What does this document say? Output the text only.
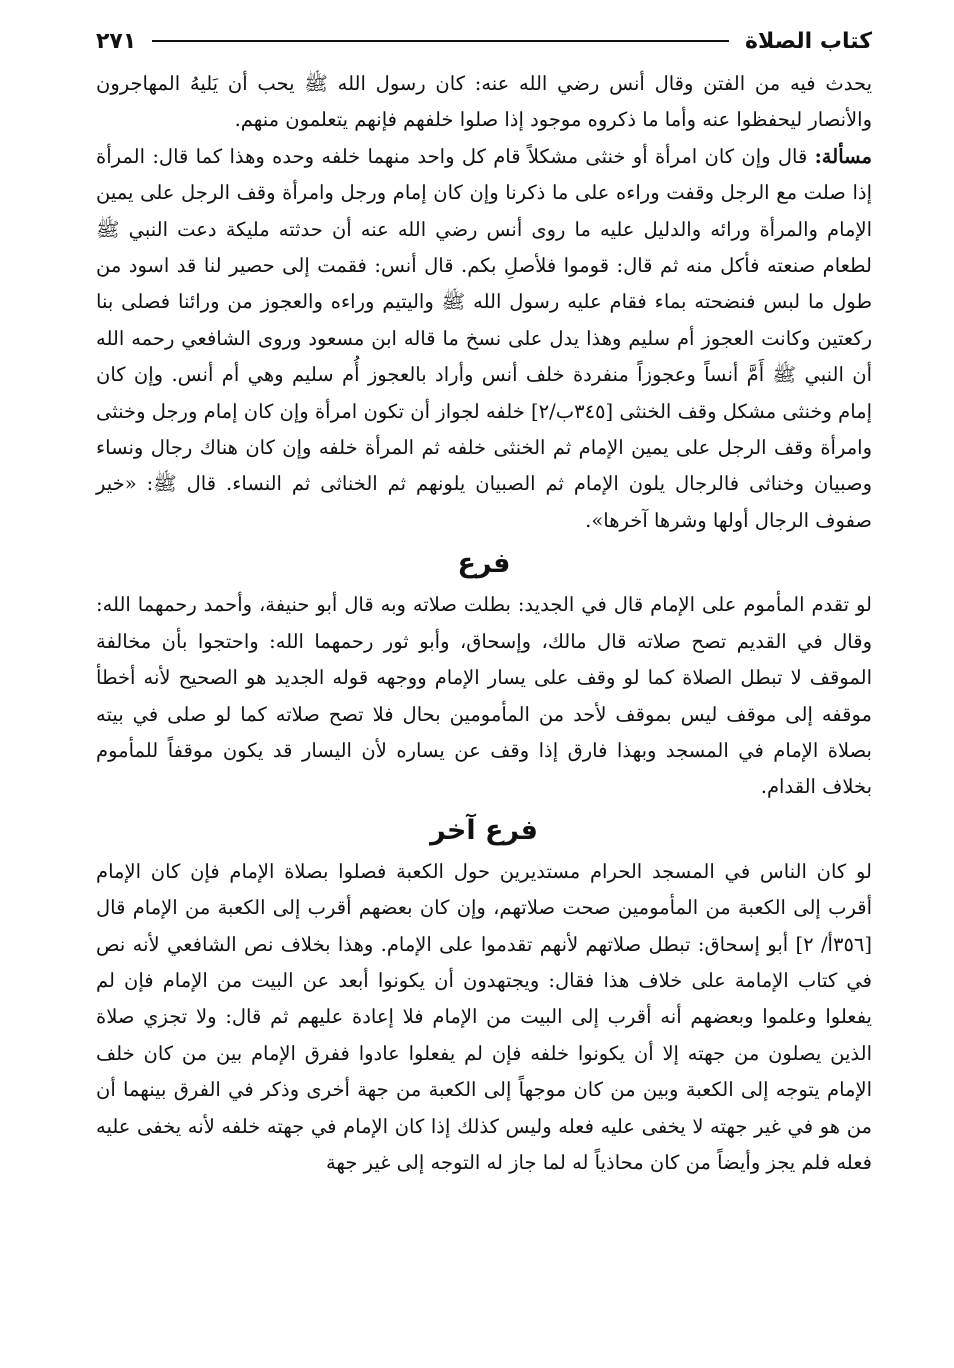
كتاب الصلاة
٢٧١

يحدث فيه من الفتن وقال أنس رضي الله عنه: كان رسول الله ﷺ يحب أن يَليهُ المهاجرون والأنصار ليحفظوا عنه وأما ما ذكروه موجود إذا صلوا خلفهم فإنهم يتعلمون منهم.

مسألة: قال وإن كان امرأة أو خنثى مشكلاً قام كل واحد منهما خلفه وحده وهذا كما قال: المرأة إذا صلت مع الرجل وقفت وراءه على ما ذكرنا وإن كان إمام ورجل وامرأة وقف الرجل على يمين الإمام والمرأة ورائه والدليل عليه ما روى أنس رضي الله عنه أن حدثته مليكة دعت النبي ﷺ لطعام صنعته فأكل منه ثم قال: قوموا فلأصلِ بكم. قال أنس: فقمت إلى حصير لنا قد اسود من طول ما لبس فنضحته بماء فقام عليه رسول الله ﷺ واليتيم وراءه والعجوز من ورائنا فصلى بنا ركعتين وكانت العجوز أم سليم وهذا يدل على نسخ ما قاله ابن مسعود وروى الشافعي رحمه الله أن النبي ﷺ أَمَّ أنساً وعجوزاً منفردة خلف أنس وأراد بالعجوز أُم سليم وهي أم أنس. وإن كان إمام وخنثى مشكل وقف الخنثى [٣٤٥ب/٢] خلفه لجواز أن تكون امرأة وإن كان إمام ورجل وخنثى وامرأة وقف الرجل على يمين الإمام ثم الخنثى خلفه ثم المرأة خلفه وإن كان هناك رجال ونساء وصبيان وخناثى فالرجال يلون الإمام ثم الصبيان يلونهم ثم الخناثى ثم النساء. قال ﷺ: «خير صفوف الرجال أولها وشرها آخرها».

فرع

لو تقدم المأموم على الإمام قال في الجديد: بطلت صلاته وبه قال أبو حنيفة، وأحمد رحمهما الله: وقال في القديم تصح صلاته قال مالك، وإسحاق، وأبو ثور رحمهما الله: واحتجوا بأن مخالفة الموقف لا تبطل الصلاة كما لو وقف على يسار الإمام ووجهه قوله الجديد هو الصحيح لأنه أخطأ موقفه إلى موقف ليس بموقف لأحد من المأمومين بحال فلا تصح صلاته كما لو صلى في بيته بصلاة الإمام في المسجد وبهذا فارق إذا وقف عن يساره لأن اليسار قد يكون موقفاً للمأموم بخلاف القدام.

فرع آخر

لو كان الناس في المسجد الحرام مستديرين حول الكعبة فصلوا بصلاة الإمام فإن كان الإمام أقرب إلى الكعبة من المأمومين صحت صلاتهم، وإن كان بعضهم أقرب إلى الكعبة من الإمام قال [٣٥٦أ/ ٢] أبو إسحاق: تبطل صلاتهم لأنهم تقدموا على الإمام. وهذا بخلاف نص الشافعي لأنه نص في كتاب الإمامة على خلاف هذا فقال: ويجتهدون أن يكونوا أبعد عن البيت من الإمام فإن لم يفعلوا وعلموا وبعضهم أنه أقرب إلى البيت من الإمام فلا إعادة عليهم ثم قال: ولا تجزي صلاة الذين يصلون من جهته إلا أن يكونوا خلفه فإن لم يفعلوا عادوا ففرق الإمام بين من كان خلف الإمام يتوجه إلى الكعبة وبين من كان موجهاً إلى الكعبة من جهة أخرى وذكر في الفرق بينهما أن من هو في غير جهته لا يخفى عليه فعله وليس كذلك إذا كان الإمام في جهته خلفه لأنه يخفى عليه فعله فلم يجز وأيضاً من كان محاذياً له لما جاز له التوجه إلى غير جهة
